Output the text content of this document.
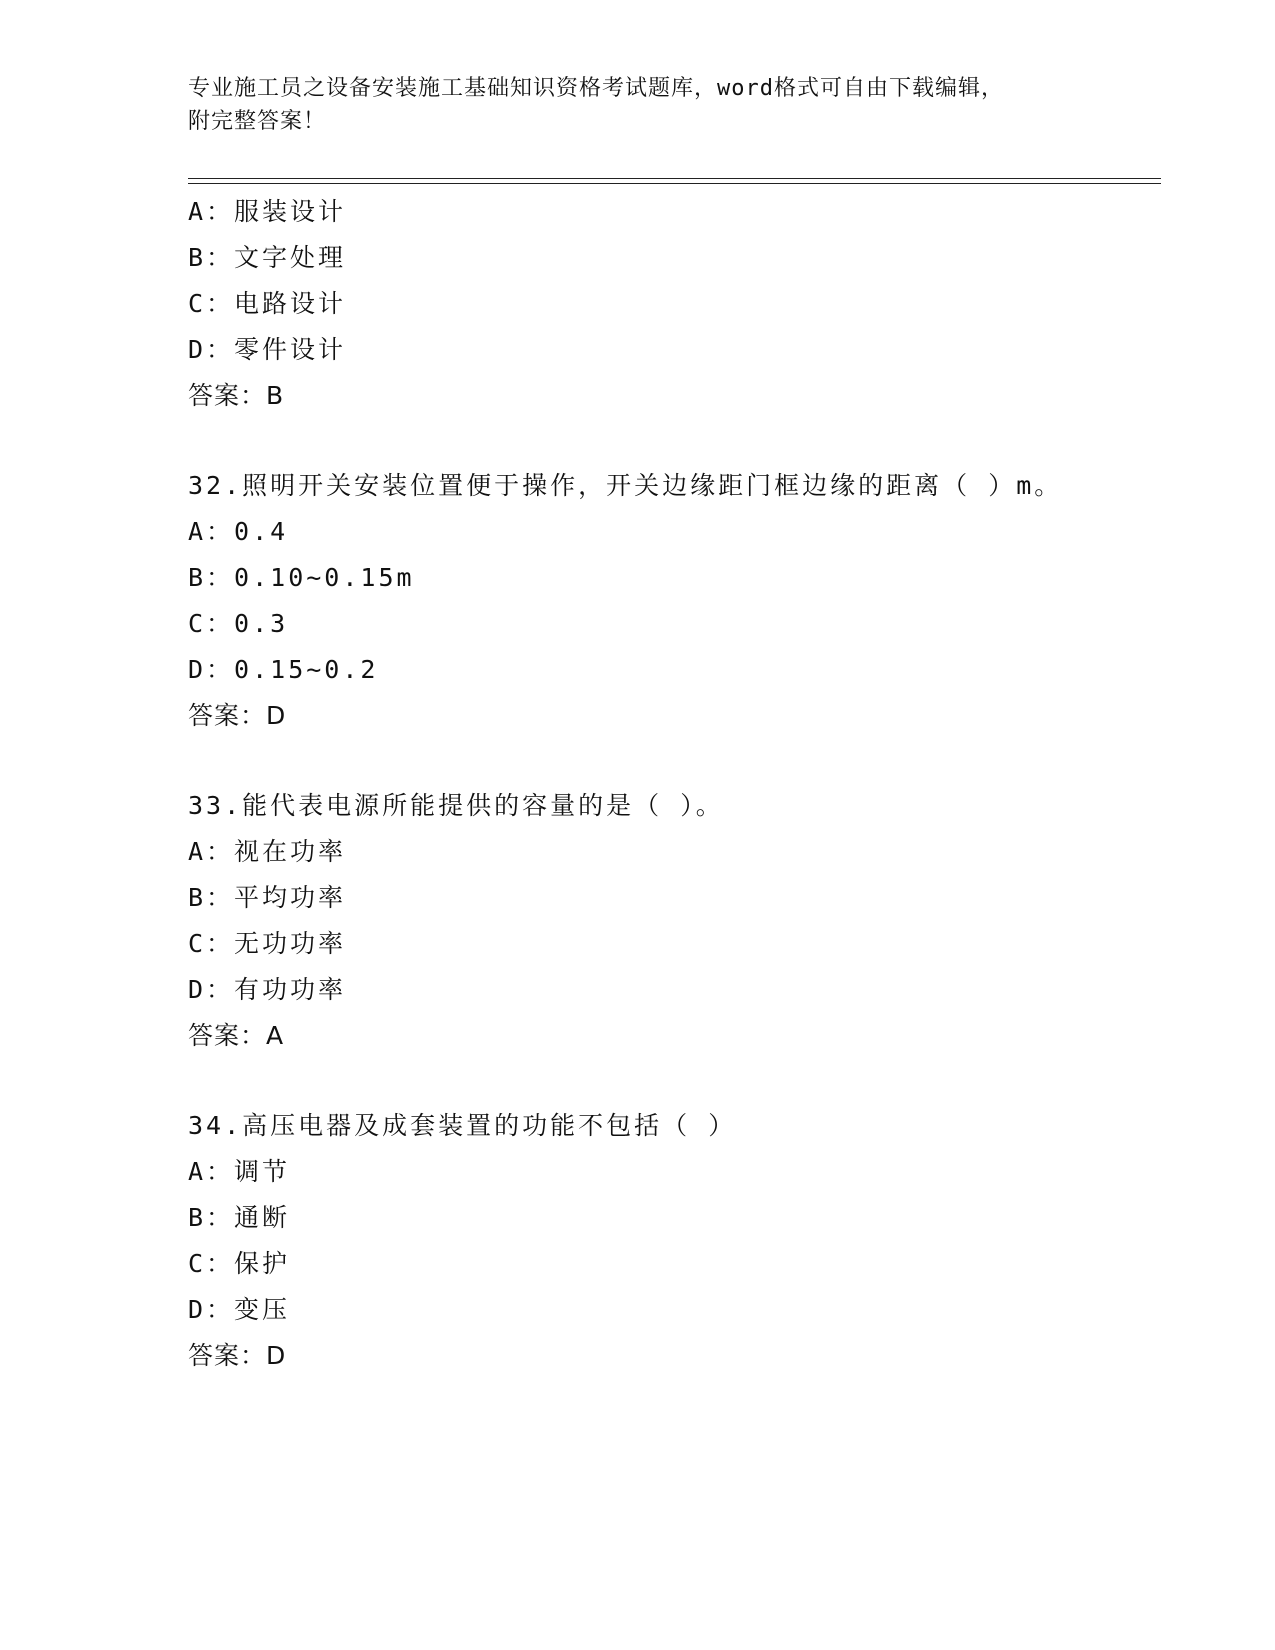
专业施工员之设备安装施工基础知识资格考试题库，word格式可自由下载编辑，
附完整答案！
A：服装设计
B：文字处理
C：电路设计
D：零件设计
答案：B
32.照明开关安装位置便于操作，开关边缘距门框边缘的距离（ ）m。
A：0.4
B：0.10~0.15m
C：0.3
D：0.15~0.2
答案：D
33.能代表电源所能提供的容量的是（ ）。
A：视在功率
B：平均功率
C：无功功率
D：有功功率
答案：A
34.高压电器及成套装置的功能不包括（ ）
A：调节
B：通断
C：保护
D：变压
答案：D
